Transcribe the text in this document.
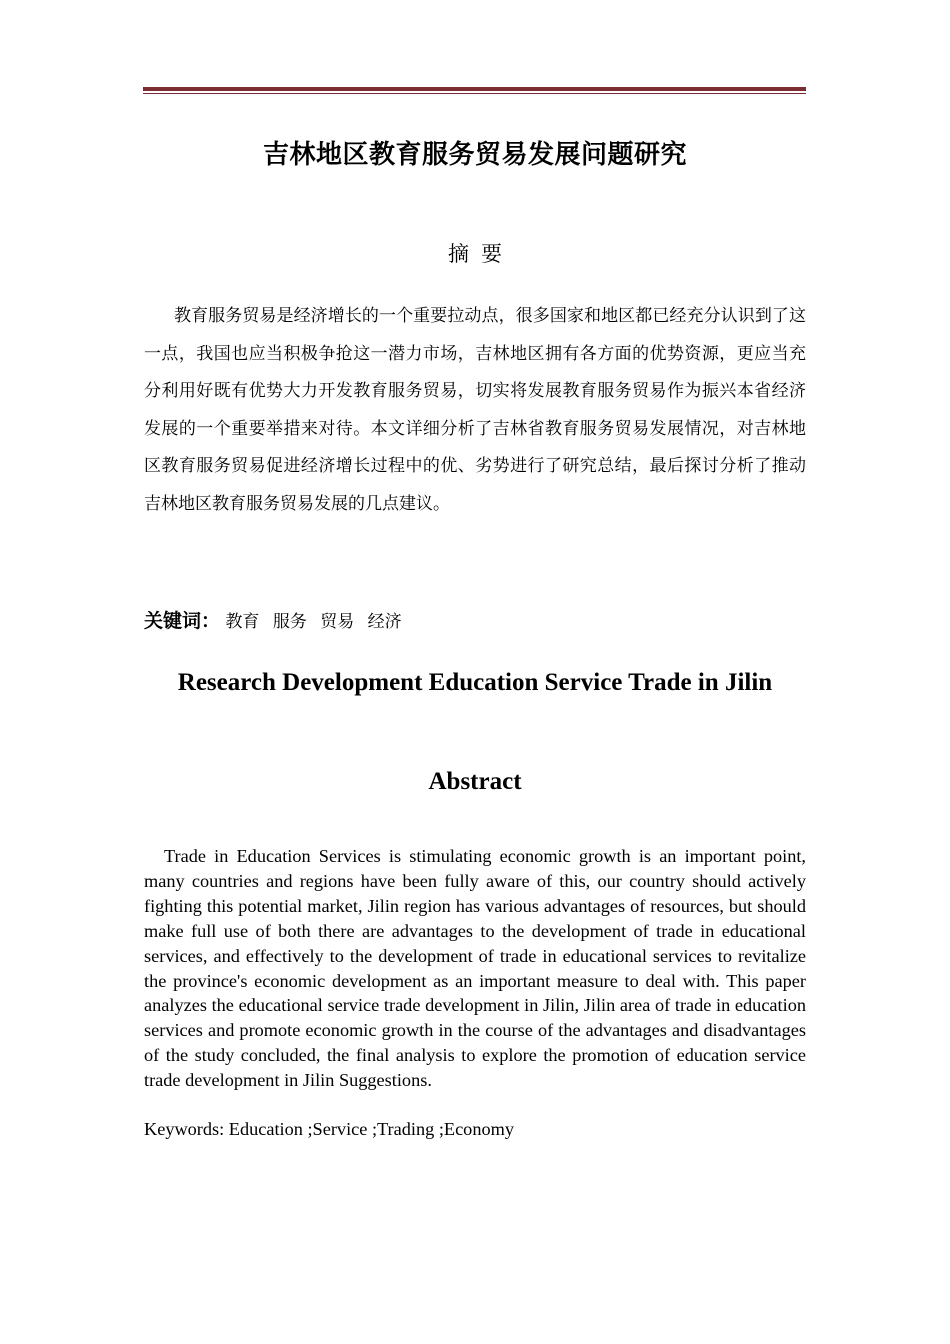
吉林地区教育服务贸易发展问题研究
摘要

教育服务贸易是经济增长的一个重要拉动点，很多国家和地区都已经充分认识到了这一点，我国也应当积极争抢这一潜力市场，吉林地区拥有各方面的优势资源，更应当充分利用好既有优势大力开发教育服务贸易，切实将发展教育服务贸易作为振兴本省经济发展的一个重要举措来对待。本文详细分析了吉林省教育服务贸易发展情况，对吉林地区教育服务贸易促进经济增长过程中的优、劣势进行了研究总结，最后探讨分析了推动吉林地区教育服务贸易发展的几点建议。

关键词： 教育 服务 贸易 经济
Research Development Education Service Trade in Jilin
Abstract

Trade in Education Services is stimulating economic growth is an important point, many countries and regions have been fully aware of this, our country should actively fighting this potential market, Jilin region has various advantages of resources, but should make full use of both there are advantages to the development of trade in educational services, and effectively to the development of trade in educational services to revitalize the province's economic development as an important measure to deal with. This paper analyzes the educational service trade development in Jilin, Jilin area of trade in education services and promote economic growth in the course of the advantages and disadvantages of the study concluded, the final analysis to explore the promotion of education service trade development in Jilin Suggestions.

Keywords: Education ;Service ;Trading ;Economy
